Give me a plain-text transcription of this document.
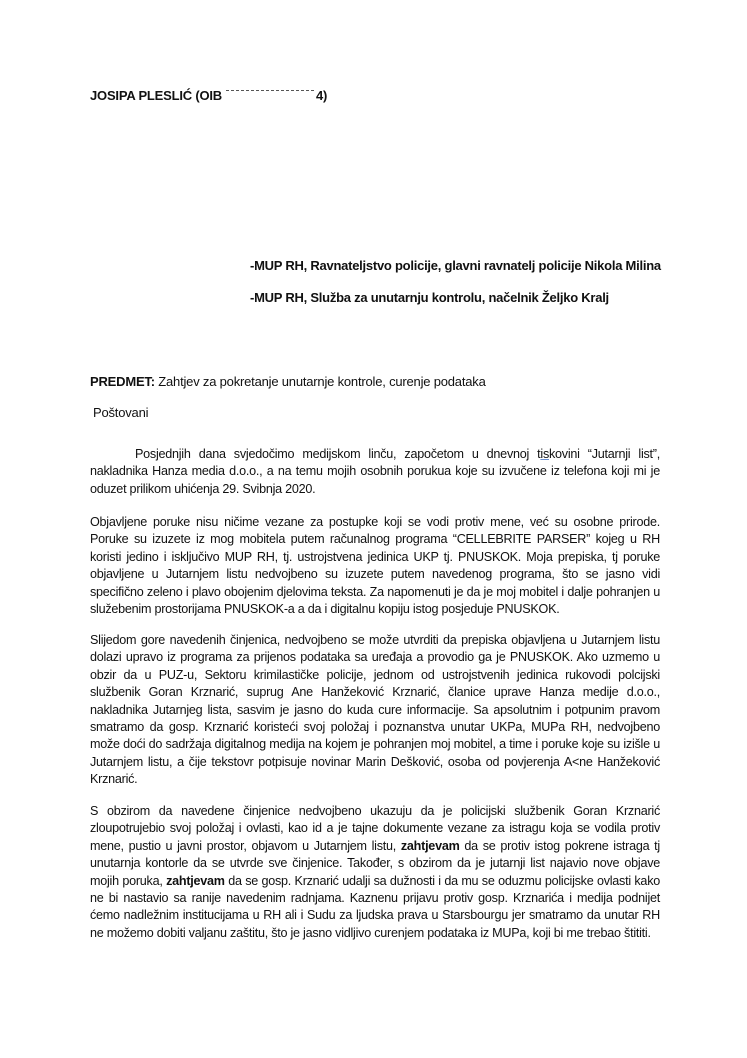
JOSIPA PLESLIĆ (OIB	4)
-MUP RH, Ravnateljstvo policije, glavni ravnatelj policije Nikola Milina
-MUP RH, Služba za unutarnju kontrolu, načelnik Željko Kralj
PREDMET: Zahtjev za pokretanje unutarnje kontrole, curenje podataka
Poštovani
Posjednjih dana svjedočimo medijskom linču, započetom u dnevnoj tiskovini “Jutarnji list”, nakladnika Hanza media d.o.o., a na temu mojih osobnih porukua koje su izvučene iz telefona koji mi je oduzet prilikom uhićenja 29. Svibnja 2020.
Objavljene poruke nisu ničime vezane za postupke koji se vodi protiv mene, već su osobne prirode. Poruke su izuzete iz mog mobitela putem računalnog programa “CELLEBRITE PARSER” kojeg u RH koristi jedino i isključivo MUP RH, tj. ustrojstvena jedinica UKP tj. PNUSKOK. Moja prepiska, tj poruke objavljene u Jutarnjem listu nedvojbeno su izuzete putem navedenog programa, što se jasno vidi specifično zeleno i plavo obojenim djelovima teksta. Za napomenuti je da je moj mobitel i dalje pohranjen u služebenim prostorijama PNUSKOK-a a da i digitalnu kopiju istog posjeduje PNUSKOK.
Slijedom gore navedenih činjenica, nedvojbeno se može utvrditi da prepiska objavljena u Jutarnjem listu dolazi upravo iz programa za prijenos podataka sa uređaja a provodio ga je PNUSKOK. Ako uzmemo u obzir da u PUZ-u, Sektoru krimilastičke policije, jednom od ustrojstvenih jedinica rukovodi polcijski službenik Goran Krznarić, suprug Ane Hanžeković Krznarić, članice uprave Hanza medije d.o.o., nakladnika Jutarnjeg lista, sasvim je jasno do kuda cure informacije. Sa apsolutnim i potpunim pravom smatramo da gosp. Krznarić koristeći svoj položaj i poznanstva unutar UKPa, MUPa RH, nedvojbeno može doći do sadržaja digitalnog medija na kojem je pohranjen moj mobitel, a time i poruke koje su izišle u Jutarnjem listu, a čije tekstovr potpisuje novinar Marin Dešković, osoba od povjerenja A<ne Hanžeković Krznarić.
S obzirom da navedene činjenice nedvojbeno ukazuju da je policijski službenik Goran Krznarić zloupotrujebio svoj položaj i ovlasti, kao id a je tajne dokumente vezane za istragu koja se vodila protiv mene, pustio u javni prostor, objavom u Jutarnjem listu, zahtjevam da se protiv istog pokrene istraga tj unutarnja kontorle da se utvrde sve činjenice. Također, s obzirom da je jutarnji list najavio nove objave mojih poruka, zahtjevam da se gosp. Krznarić udalji sa dužnosti i da mu se oduzmu policijske ovlasti kako ne bi nastavio sa ranije navedenim radnjama. Kaznenu prijavu protiv gosp. Krznarića i medija podnijet ćemo nadležnim institucijama u RH ali i Sudu za ljudska prava u Starsbourgu jer smatramo da unutar RH ne možemo dobiti valjanu zaštitu, što je jasno vidljivo curenjem podataka iz MUPa, koji bi me trebao štititi.
